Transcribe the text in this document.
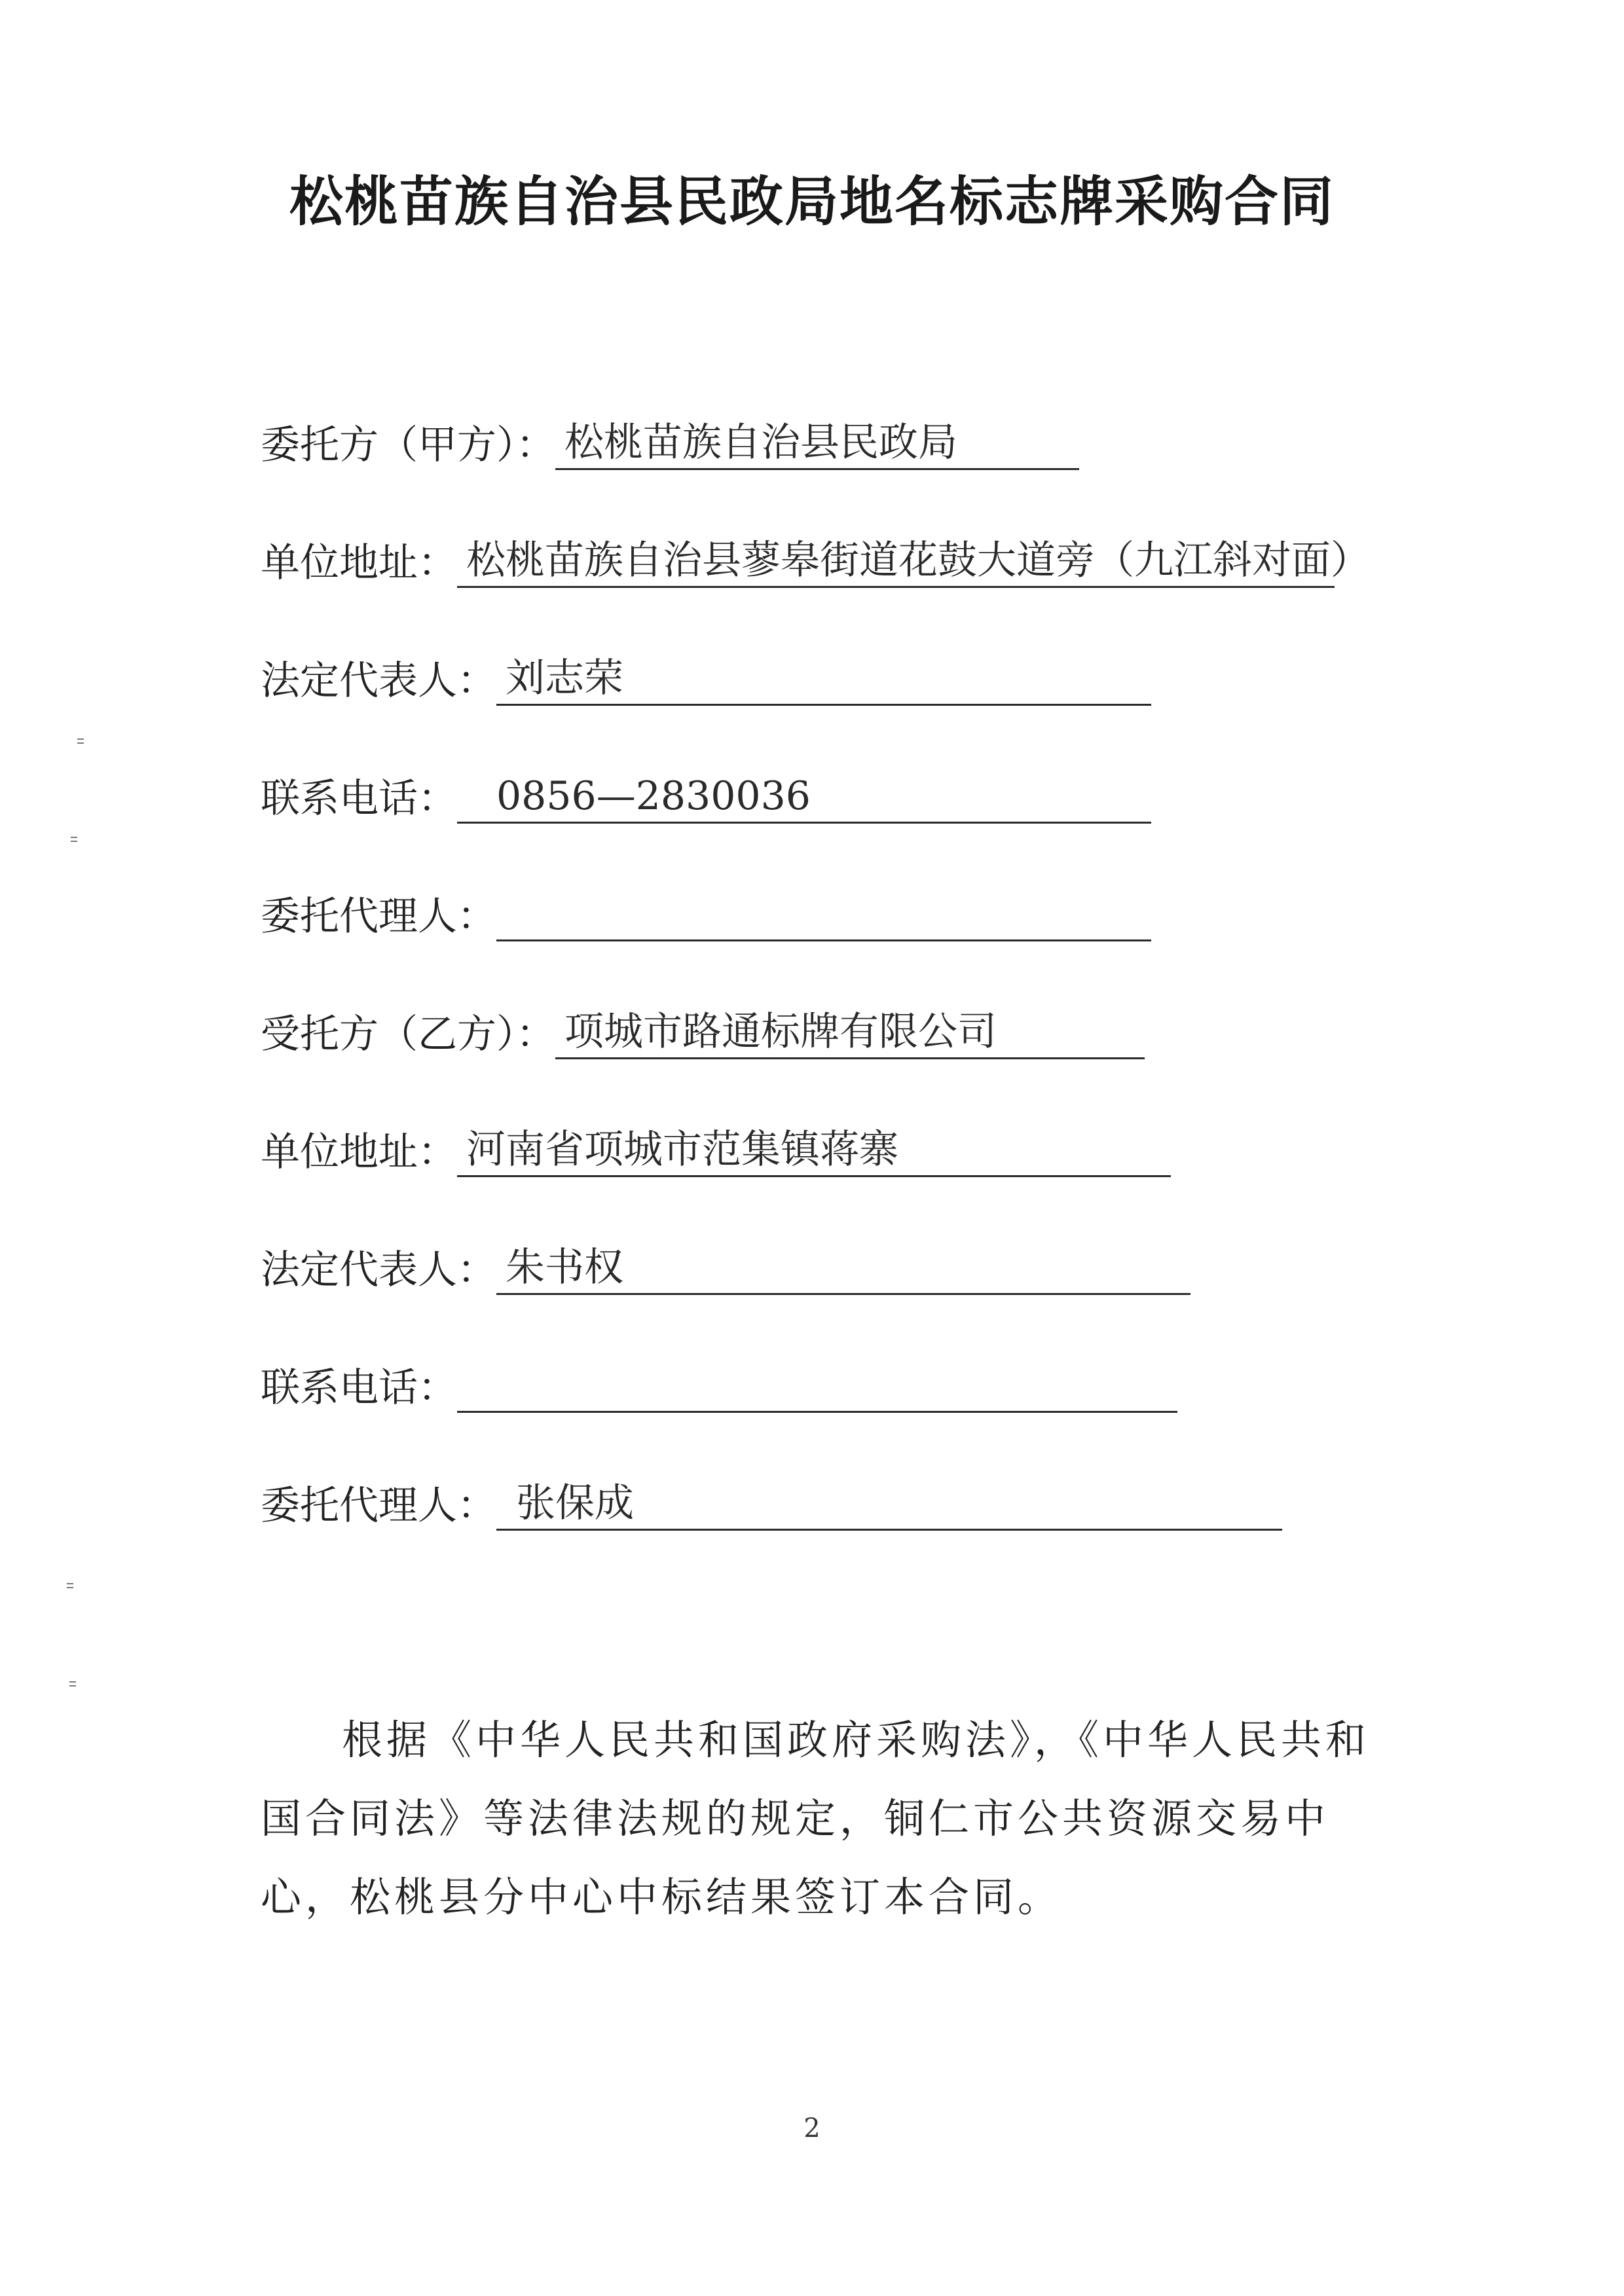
松桃苗族自治县民政局地名标志牌采购合同
委托方（甲方）： 松桃苗族自治县民政局
单位地址： 松桃苗族自治县蓼皋街道花鼓大道旁（九江斜对面）
法定代表人： 刘志荣
联系电话：	0856—2830036
委托代理人：
受托方（乙方）： 项城市路通标牌有限公司
单位地址： 河南省项城市范集镇蒋寨
法定代表人： 朱书权
联系电话：
委托代理人： 张保成

根据《中华人民共和国政府采购法》，《中华人民共和国合同法》等法律法规的规定，铜仁市公共资源交易中心，松桃县分中心中标结果签订本合同。

2
